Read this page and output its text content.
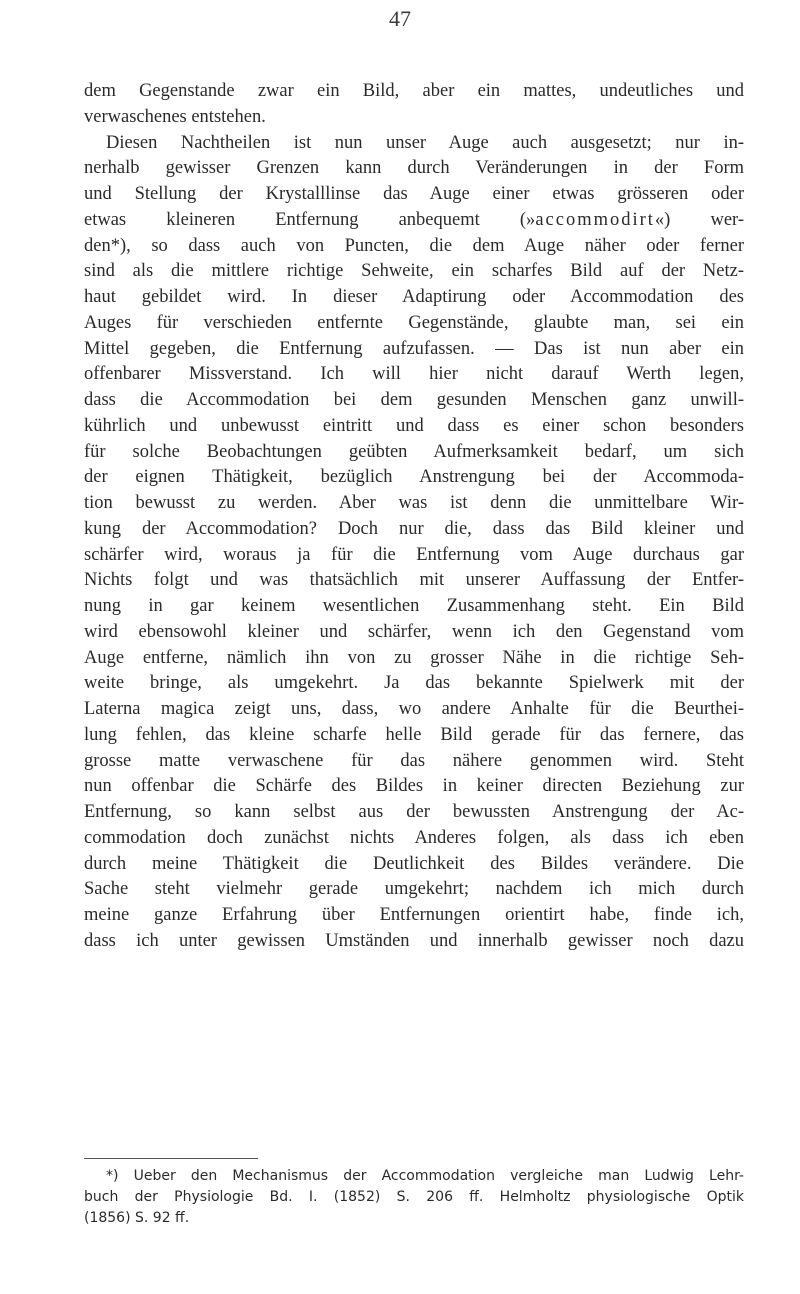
47
dem Gegenstande zwar ein Bild, aber ein mattes, undeutliches und
verwaschenes entstehen.
Diesen Nachtheilen ist nun unser Auge auch ausgesetzt; nur in-
nerhalb gewisser Grenzen kann durch Veränderungen in der Form
und Stellung der Krystalllinse das Auge einer etwas grösseren oder
etwas kleineren Entfernung anbequemt (»accommodirt«) wer-
den*), so dass auch von Puncten, die dem Auge näher oder ferner
sind als die mittlere richtige Sehweite, ein scharfes Bild auf der Netz-
haut gebildet wird. In dieser Adaptirung oder Accommodation des
Auges für verschieden entfernte Gegenstände, glaubte man, sei ein
Mittel gegeben, die Entfernung aufzufassen. — Das ist nun aber ein
offenbarer Missverstand. Ich will hier nicht darauf Werth legen,
dass die Accommodation bei dem gesunden Menschen ganz unwill-
kührlich und unbewusst eintritt und dass es einer schon besonders
für solche Beobachtungen geübten Aufmerksamkeit bedarf, um sich
der eignen Thätigkeit, bezüglich Anstrengung bei der Accommoda-
tion bewusst zu werden. Aber was ist denn die unmittelbare Wir-
kung der Accommodation? Doch nur die, dass das Bild kleiner und
schärfer wird, woraus ja für die Entfernung vom Auge durchaus gar
Nichts folgt und was thatsächlich mit unserer Auffassung der Entfer-
nung in gar keinem wesentlichen Zusammenhang steht. Ein Bild
wird ebensowohl kleiner und schärfer, wenn ich den Gegenstand vom
Auge entferne, nämlich ihn von zu grosser Nähe in die richtige Seh-
weite bringe, als umgekehrt. Ja das bekannte Spielwerk mit der
Laterna magica zeigt uns, dass, wo andere Anhalte für die Beurthei-
lung fehlen, das kleine scharfe helle Bild gerade für das fernere, das
grosse matte verwaschene für das nähere genommen wird. Steht
nun offenbar die Schärfe des Bildes in keiner directen Beziehung zur
Entfernung, so kann selbst aus der bewussten Anstrengung der Ac-
commodation doch zunächst nichts Anderes folgen, als dass ich eben
durch meine Thätigkeit die Deutlichkeit des Bildes verändere. Die
Sache steht vielmehr gerade umgekehrt; nachdem ich mich durch
meine ganze Erfahrung über Entfernungen orientirt habe, finde ich,
dass ich unter gewissen Umständen und innerhalb gewisser noch dazu
*) Ueber den Mechanismus der Accommodation vergleiche man Ludwig Lehr-
buch der Physiologie Bd. I. (1852) S. 206 ff. Helmholtz physiologische Optik
(1856) S. 92 ff.
